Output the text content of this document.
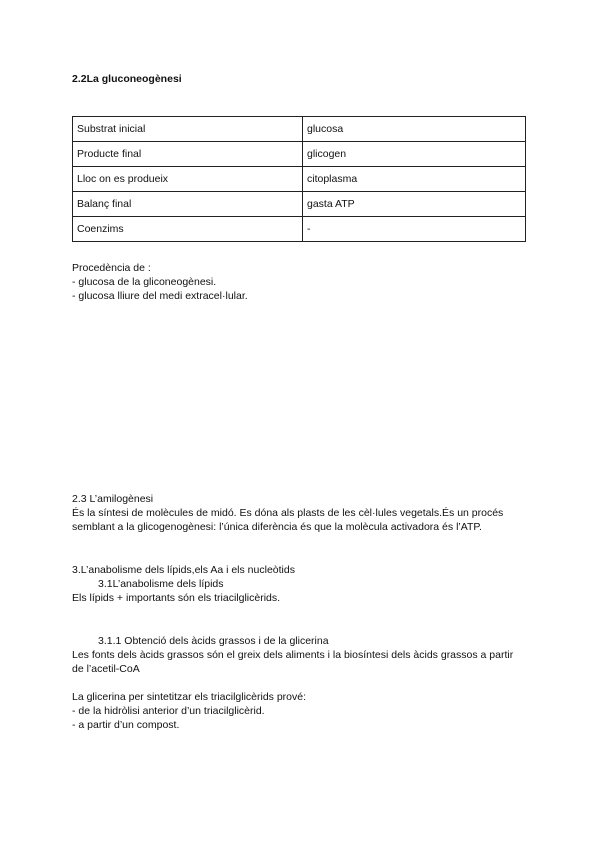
2.2La gluconeogènesi
Substrat inicial	glucosa
Producte final	glicogen
Lloc on es produeix	citoplasma
Balanç final	gasta ATP
Coenzims	-
Procedència de :
- glucosa de la gliconeogènesi.
- glucosa lliure del medi extracel·lular.
2.3 L’amilogènesi
És la síntesi de molècules de midó. Es dóna als plasts de les cèl·lules vegetals.És un procés semblant a la glicogenogènesi: l’única diferència és que la molècula activadora és l’ATP.
3.L’anabolisme dels lípids,els Aa i els nucleòtids
3.1L’anabolisme dels lípids
Els lípids + importants són els triacilglicèrids.
3.1.1 Obtenció dels àcids grassos i de la glicerina
Les fonts dels àcids grassos són el greix dels aliments i la biosíntesi dels àcids grassos a partir de l’acetil-CoA
La glicerina per sintetitzar els triacilglicèrids prové:
- de la hidròlisi anterior d’un triacilglicèrid.
- a partir d’un compost.
